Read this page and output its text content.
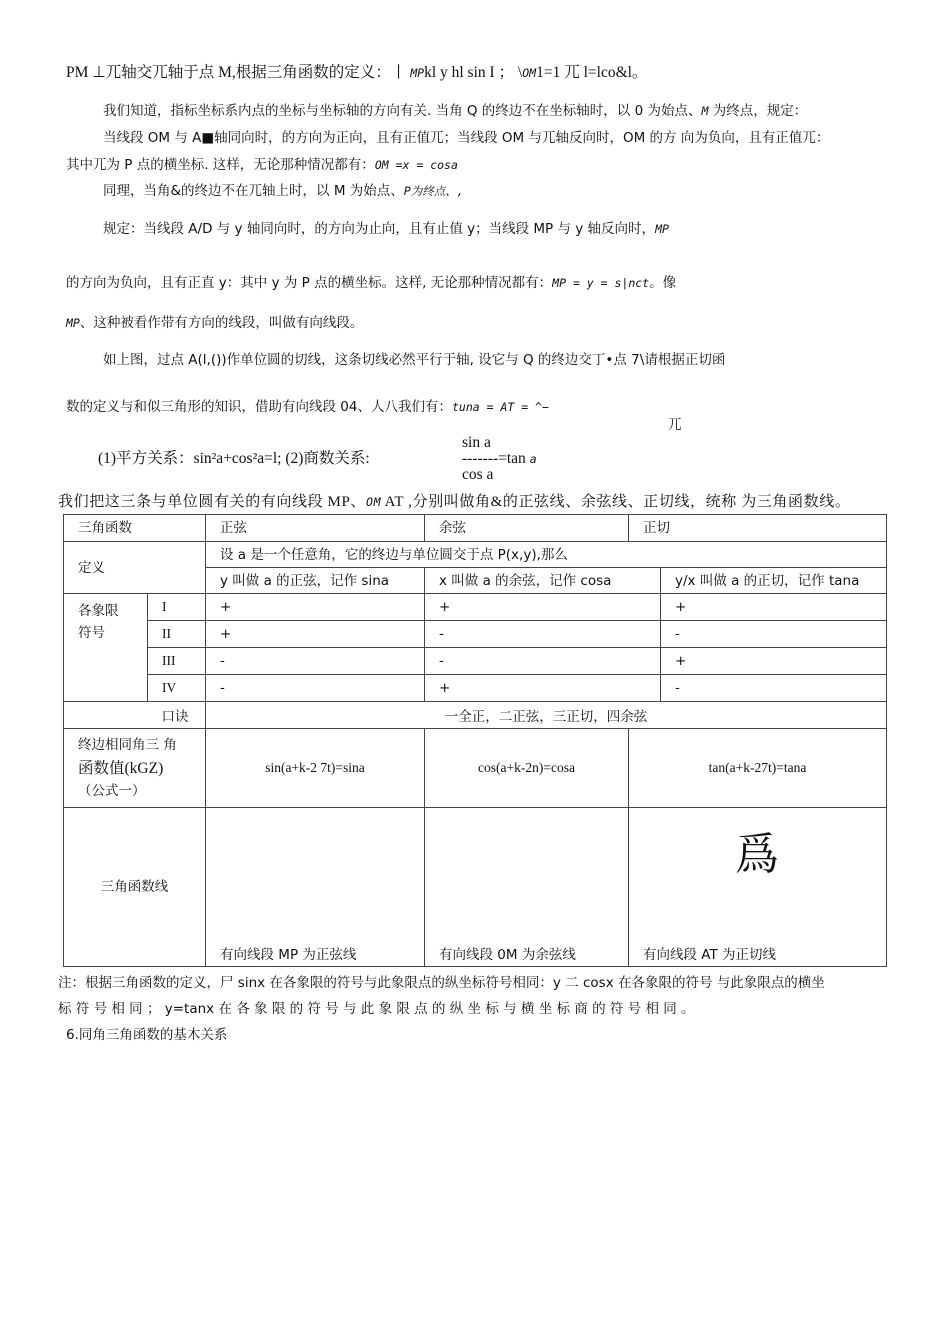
PM ⊥兀轴交兀轴于点 M,根据三角函数的定义：丨 MPkl y hl sin I ； \OM1=1 兀 l=lco&l。
我们知道，指标坐标系内点的坐标与坐标轴的方向有关. 当角 Q 的终边不在坐标轴时，以 0 为始点、M 为终点，规定：
当线段 OM 与 A■轴同向时，的方向为正向，且有正值兀；当线段 OM 与兀轴反向时，OM 的方 向为负向，且有正值兀：
其中兀为 P 点的横坐标. 这样，无论那种情况都有：OM =x = cosa
同理，当角&的终边不在兀轴上时，以 M 为始点、P为终点、,
规定：当线段 A/D 与 y 轴同向时，的方向为止向，且有止值 y；当线段 MP 与 y 轴反向时，MP
的方向为负向，且有正直 y：其中 y 为 P 点的横坐标。这样, 无论那种情况都有：MP = y = s|nct。像
MP、这种被看作带有方向的线段，叫做有向线段。
如上图，过点 A(l,())作单位圆的切线，这条切线必然平行于轴, 设它与 Q 的终边交丁•点 7\请根据正切函
数的定义与和似三角形的知识，借助有向线段 04、人八我们有：tuna = AT = ^−
兀
(1)平方关系：sin²a+cos²a=l; (2)商数关系:
sin a
-------=tan a
cos a
我们把这三条与单位圆有关的有向线段 MP、OM AT ,分别叫做角&的正弦线、余弦线、正切线，统称 为三角函数线。
三角函数		正弦	余弦	正切	
定义		设 a 是一个任意角，它的终边与单位圆交于点 P(x,y),那么			
		y 叫做 a 的正弦，记作 sina	x 叫做 a 的余弦，记作 cosa		y/x 叫做 a 的正切，记作 tana

各象限
符号	I	+	+		+
	II	+	-		-
	III	-	-		+
	IV	-	+		-
	口诀	一全正，二正弦，三正切，四余弦			

终边相同角三 角
函数值(kGZ)
（公式一）		sin(a+k-2 7t)=sina	cos(a+k-2n)=cosa	tan(a+k-27t)=tana	
三角函数线		有向线段 MP 为正弦线	有向线段 0M 为余弦线	有向线段 AT 为正切线	
爲
注：根据三角函数的定义，尸 sinx 在各象限的符号与此象限点的纵坐标符号相同：y 二 cosx 在各象限的符号 与此象限点的横坐
标 符 号 相 同 ； y=tanx 在 各 象 限 的 符 号 与 此 象 限 点 的 纵 坐 标 与 横 坐 标 商 的 符 号 相 同 。
6.同角三角函数的基木关系
